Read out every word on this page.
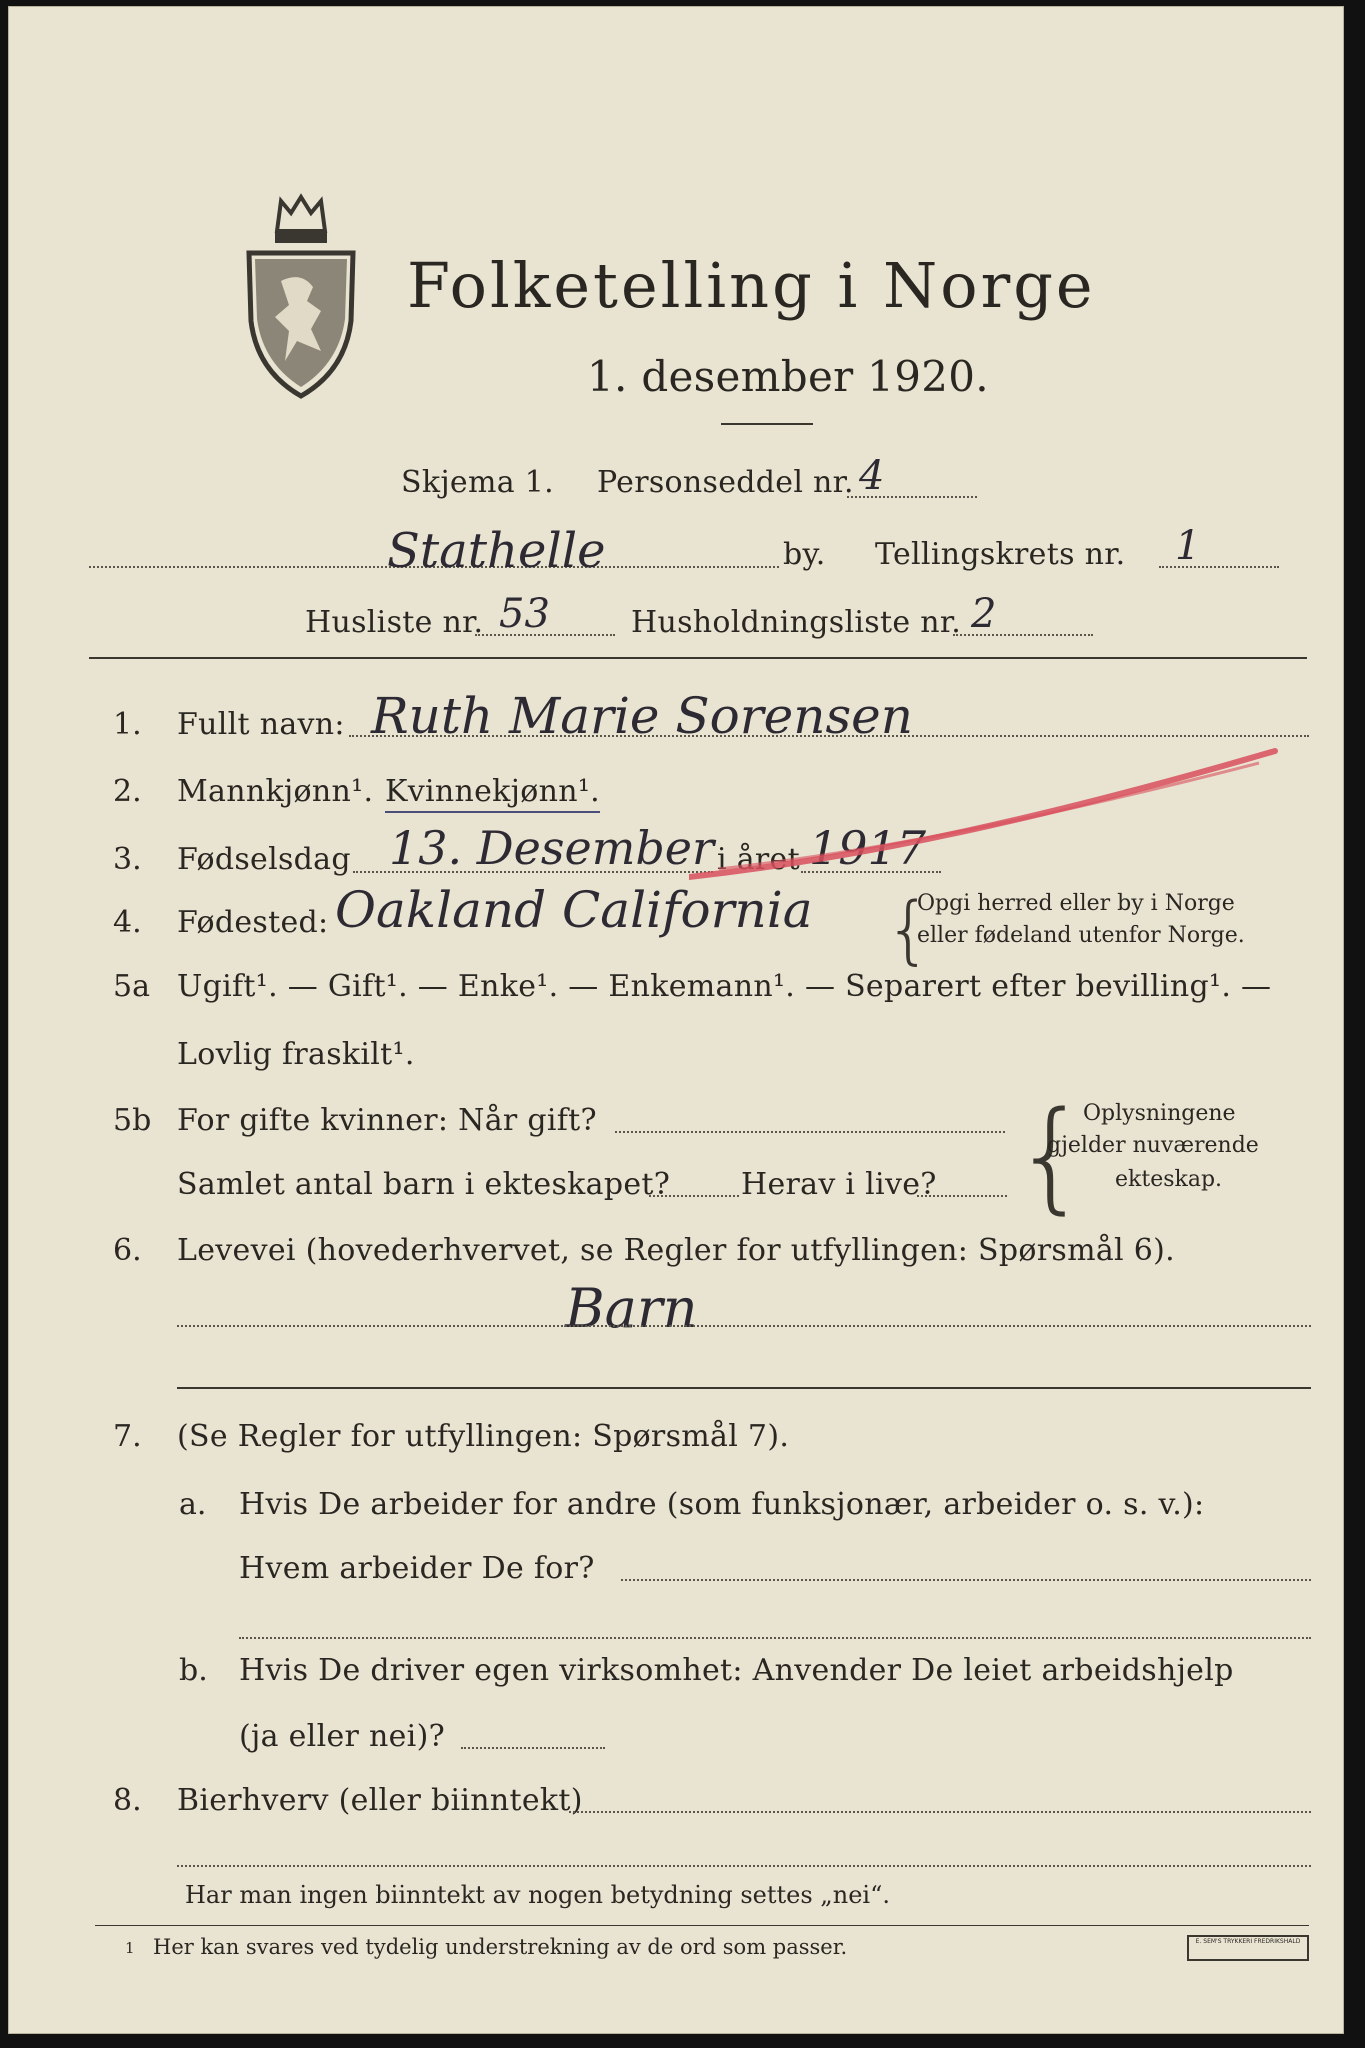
Folketelling i Norge
1. desember 1920.
Skjema 1. Personseddel nr. 4
Stathelle	by. Tellingskrets nr. 1
Husliste nr. 53	Husholdningsliste nr. 2
1. Fullt navn: Ruth Marie Sorensen
2. Mannkjønn¹. Kvinnekjønn¹.
3. Fødselsdag 13. Desember i året 1917
4. Fødested: Oakland California {
Opgi herred eller by i Norge
eller fødeland utenfor Norge.
5a Ugift¹. — Gift¹. — Enke¹. — Enkemann¹. — Separert efter bevilling¹. —
Lovlig fraskilt¹.
5b For gifte kvinner: Når gift?
Samlet antal barn i ekteskapet? Herav i live? {
Oplysningene
gjelder nuværende
ekteskap.
6. Levevei (hovederhvervet, se Regler for utfyllingen: Spørsmål 6).
Barn
7. (Se Regler for utfyllingen: Spørsmål 7).
a. Hvis De arbeider for andre (som funksjonær, arbeider o. s. v.):
Hvem arbeider De for?
b. Hvis De driver egen virksomhet: Anvender De leiet arbeidshjelp
(ja eller nei)?
8. Bierhverv (eller biinntekt)
Har man ingen biinntekt av nogen betydning settes „nei“.
1 Her kan svares ved tydelig understrekning av de ord som passer.	E. SEM'S TRYKKERI FREDRIKSHALD
